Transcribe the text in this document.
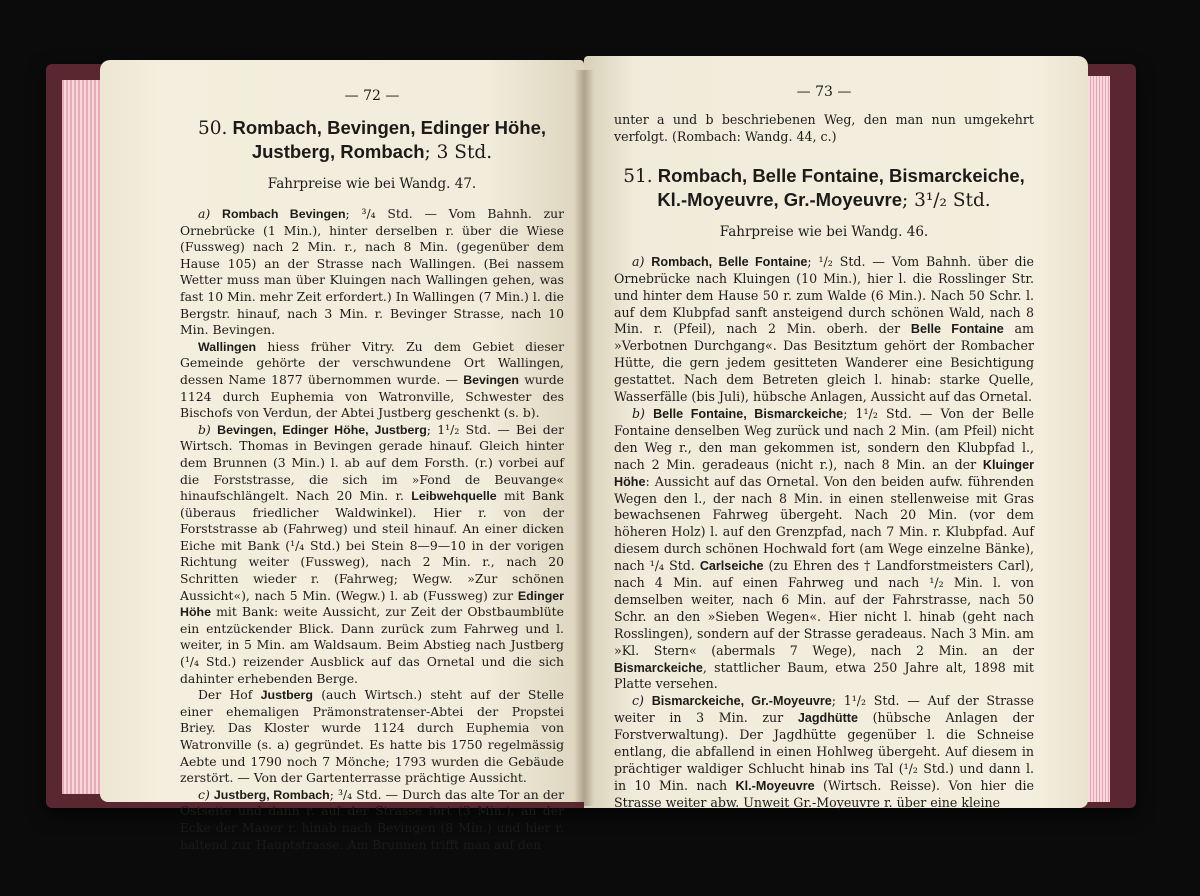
— 72 —
50. Rombach, Bevingen, Edinger Höhe, Justberg, Rombach; 3 Std.
Fahrpreise wie bei Wandg. 47.

a) Rombach Bevingen; ³/₄ Std. — Vom Bahnh. zur Ornebrücke (1 Min.), hinter derselben r. über die Wiese (Fussweg) nach 2 Min. r., nach 8 Min. (gegenüber dem Hause 105) an der Strasse nach Wallingen. (Bei nassem Wetter muss man über Kluingen nach Wallingen gehen, was fast 10 Min. mehr Zeit erfordert.) In Wallingen (7 Min.) l. die Bergstr. hinauf, nach 3 Min. r. Bevinger Strasse, nach 10 Min. Bevingen.

Wallingen hiess früher Vitry. Zu dem Gebiet dieser Gemeinde gehörte der verschwundene Ort Wallingen, dessen Name 1877 übernommen wurde. — Bevingen wurde 1124 durch Euphemia von Watronville, Schwester des Bischofs von Verdun, der Abtei Justberg geschenkt (s. b).

b) Bevingen, Edinger Höhe, Justberg; 1¹/₂ Std. — Bei der Wirtsch. Thomas in Bevingen gerade hinauf. Gleich hinter dem Brunnen (3 Min.) l. ab auf dem Forsth. (r.) vorbei auf die Forststrasse, die sich im »Fond de Beuvange« hinaufschlängelt. Nach 20 Min. r. Leibwehquelle mit Bank (überaus friedlicher Waldwinkel). Hier r. von der Forststrasse ab (Fahrweg) und steil hinauf. An einer dicken Eiche mit Bank (¹/₄ Std.) bei Stein 8—9—10 in der vorigen Richtung weiter (Fussweg), nach 2 Min. r., nach 20 Schritten wieder r. (Fahrweg; Wegw. »Zur schönen Aussicht«), nach 5 Min. (Wegw.) l. ab (Fussweg) zur Edinger Höhe mit Bank: weite Aussicht, zur Zeit der Obstbaumblüte ein entzückender Blick. Dann zurück zum Fahrweg und l. weiter, in 5 Min. am Waldsaum. Beim Abstieg nach Justberg (¹/₄ Std.) reizender Ausblick auf das Ornetal und die sich dahinter erhebenden Berge.

Der Hof Justberg (auch Wirtsch.) steht auf der Stelle einer ehemaligen Prämonstratenser-Abtei der Propstei Briey. Das Kloster wurde 1124 durch Euphemia von Watronville (s. a) gegründet. Es hatte bis 1750 regelmässig Aebte und 1790 noch 7 Mönche; 1793 wurden die Gebäude zerstört. — Von der Gartenterrasse prächtige Aussicht.

c) Justberg, Rombach; ³/₄ Std. — Durch das alte Tor an der Ostseite und dann r. auf der Strasse fort (3 Min.), an der Ecke der Mauer r. hinab nach Bevingen (8 Min.) und hier r. haltend zur Hauptstrasse. Am Brunnen trifft man auf den

— 73 —

unter a und b beschriebenen Weg, den man nun umgekehrt verfolgt. (Rombach: Wandg. 44, c.)

51. Rombach, Belle Fontaine, Bismarckeiche, Kl.-Moyeuvre, Gr.-Moyeuvre; 3¹/₂ Std.
Fahrpreise wie bei Wandg. 46.

a) Rombach, Belle Fontaine; ¹/₂ Std. — Vom Bahnh. über die Ornebrücke nach Kluingen (10 Min.), hier l. die Rosslinger Str. und hinter dem Hause 50 r. zum Walde (6 Min.). Nach 50 Schr. l. auf dem Klubpfad sanft ansteigend durch schönen Wald, nach 8 Min. r. (Pfeil), nach 2 Min. oberh. der Belle Fontaine am »Verbotnen Durchgang«. Das Besitztum gehört der Rombacher Hütte, die gern jedem gesitteten Wanderer eine Besichtigung gestattet. Nach dem Betreten gleich l. hinab: starke Quelle, Wasserfälle (bis Juli), hübsche Anlagen, Aussicht auf das Ornetal.

b) Belle Fontaine, Bismarckeiche; 1¹/₂ Std. — Von der Belle Fontaine denselben Weg zurück und nach 2 Min. (am Pfeil) nicht den Weg r., den man gekommen ist, sondern den Klubpfad l., nach 2 Min. geradeaus (nicht r.), nach 8 Min. an der Kluinger Höhe: Aussicht auf das Ornetal. Von den beiden aufw. führenden Wegen den l., der nach 8 Min. in einen stellenweise mit Gras bewachsenen Fahrweg übergeht. Nach 20 Min. (vor dem höheren Holz) l. auf den Grenzpfad, nach 7 Min. r. Klubpfad. Auf diesem durch schönen Hochwald fort (am Wege einzelne Bänke), nach ¹/₄ Std. Carlseiche (zu Ehren des † Landforstmeisters Carl), nach 4 Min. auf einen Fahrweg und nach ¹/₂ Min. l. von demselben weiter, nach 6 Min. auf der Fahrstrasse, nach 50 Schr. an den »Sieben Wegen«. Hier nicht l. hinab (geht nach Rosslingen), sondern auf der Strasse geradeaus. Nach 3 Min. am »Kl. Stern« (abermals 7 Wege), nach 2 Min. an der Bismarckeiche, stattlicher Baum, etwa 250 Jahre alt, 1898 mit Platte versehen.

c) Bismarckeiche, Gr.-Moyeuvre; 1¹/₂ Std. — Auf der Strasse weiter in 3 Min. zur Jagdhütte (hübsche Anlagen der Forstverwaltung). Der Jagdhütte gegenüber l. die Schneise entlang, die abfallend in einen Hohlweg übergeht. Auf diesem in prächtiger waldiger Schlucht hinab ins Tal (¹/₂ Std.) und dann l. in 10 Min. nach Kl.-Moyeuvre (Wirtsch. Reisse). Von hier die Strasse weiter abw. Unweit Gr.-Moyeuvre r. über eine kleine
